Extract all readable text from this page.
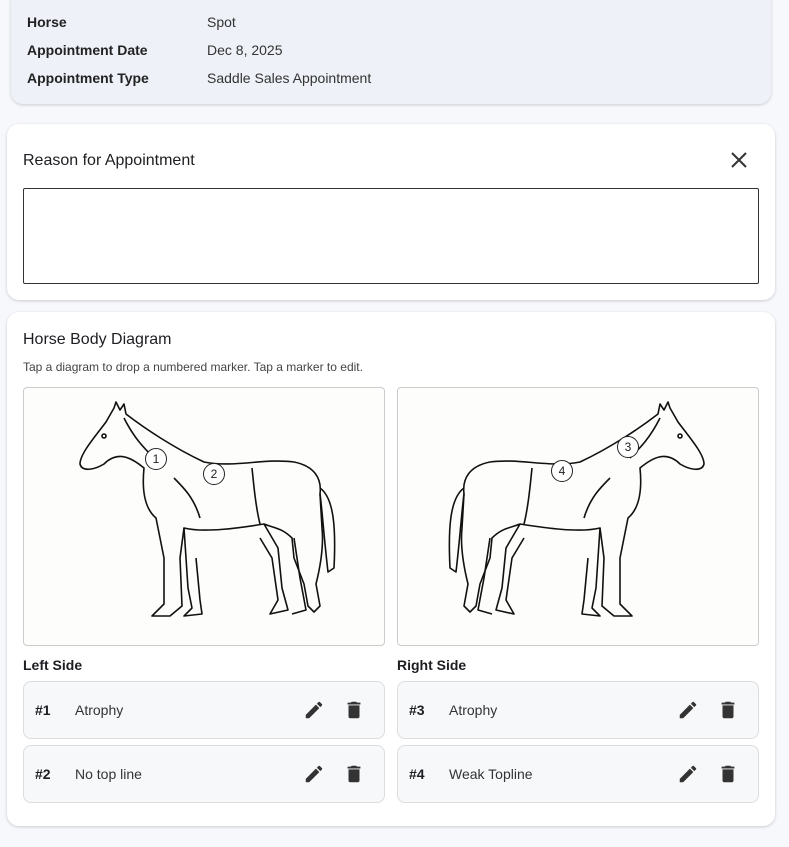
Horse	Spot
Appointment Date	Dec 8, 2025
Appointment Type	Saddle Sales Appointment
Reason for Appointment
Horse Body Diagram
Tap a diagram to drop a numbered marker. Tap a marker to edit.
1
2
3
4
Left Side	Right Side
#1 Atrophy
#2 No top line
#3 Atrophy
#4 Weak Topline
